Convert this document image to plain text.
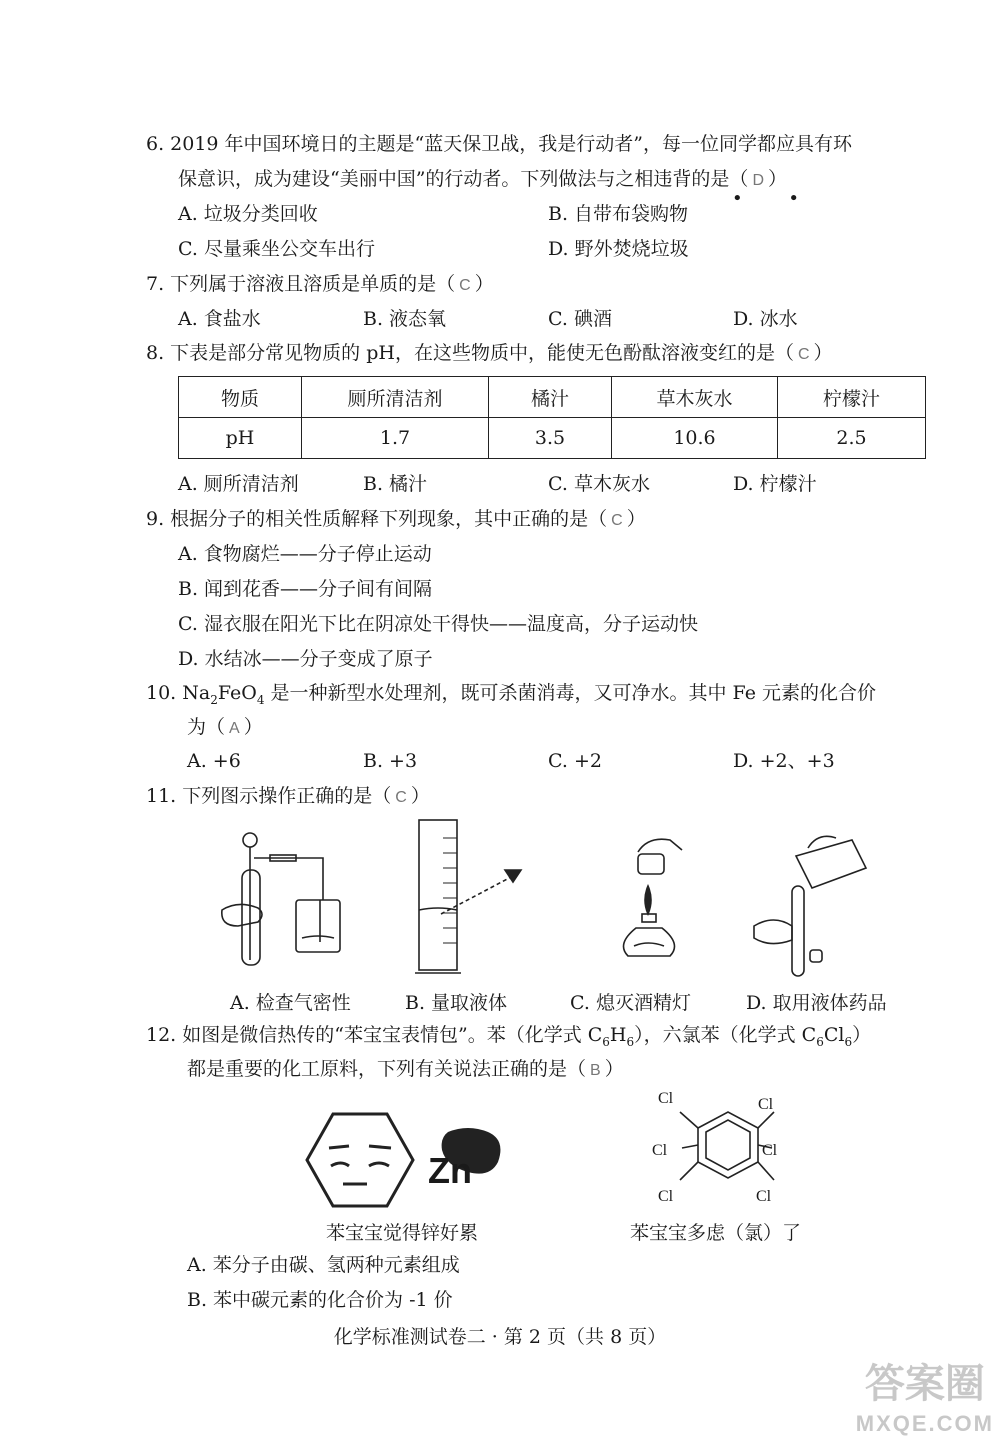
6. 2019 年中国环境日的主题是“蓝天保卫战，我是行动者”，每一位同学都应具有环
保意识，成为建设“美丽中国”的行动者。下列做法与之相违背的是（ D ）
• •
A. 垃圾分类回收	B. 自带布袋购物
C. 尽量乘坐公交车出行	D. 野外焚烧垃圾
7. 下列属于溶液且溶质是单质的是（ C ）
A. 食盐水	B. 液态氧	C. 碘酒	D. 冰水
8. 下表是部分常见物质的 pH，在这些物质中，能使无色酚酞溶液变红的是（ C ）
物质	厕所清洁剂	橘汁	草木灰水	柠檬汁
pH	1.7	3.5	10.6	2.5
A. 厕所清洁剂	B. 橘汁	C. 草木灰水	D. 柠檬汁
9. 根据分子的相关性质解释下列现象，其中正确的是（ C ）
A. 食物腐烂——分子停止运动
B. 闻到花香——分子间有间隔
C. 湿衣服在阳光下比在阴凉处干得快——温度高，分子运动快
D. 水结冰——分子变成了原子
10. $Na_2FeO_4$ 是一种新型水处理剂，既可杀菌消毒，又可净水。其中 Fe 元素的化合价
为（ A ）
A. +6	B. +3	C. +2	D. +2、+3
11. 下列图示操作正确的是（ C ）
A. 检查气密性	B. 量取液体	C. 熄灭酒精灯	D. 取用液体药品
12. 如图是微信热传的“苯宝宝表情包”。苯（化学式 $C_6H_6$），六氯苯（化学式 $C_6Cl_6$）
都是重要的化工原料，下列有关说法正确的是（ B ）
Zn
Cl	Cl
Cl	Cl
Cl	Cl
苯宝宝觉得锌好累	苯宝宝多虑（氯）了
A. 苯分子由碳、氢两种元素组成
B. 苯中碳元素的化合价为 -1 价
化学标准测试卷二 · 第 2 页（共 8 页）
答案圈
MXQE.COM
